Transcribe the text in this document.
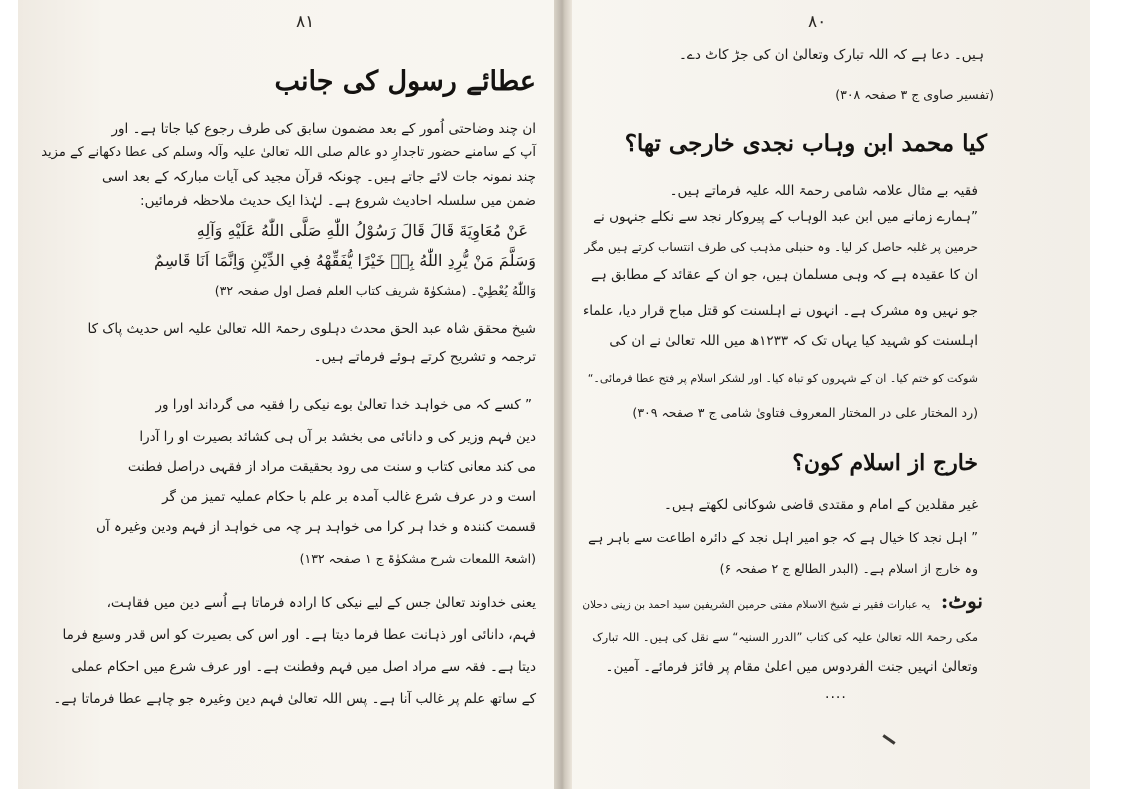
۸۱
عطائے رسول کی جانب
ان چند وضاحتی اُمور کے بعد مضمون سابق کی طرف رجوع کیا جاتا ہے۔ اور
آپ کے سامنے حضور تاجدارِ دو عالم صلی اللہ تعالیٰ علیہ وآلہ وسلم کی عطا دکھانے کے مزید
چند نمونہ جات لائے جاتے ہیں۔ چونکہ قرآن مجید کی آیات مبارکہ کے بعد اسی
ضمن میں سلسلہ احادیث شروع ہے۔ لہٰذا ایک حدیث ملاحظہ فرمائیں:
عَنْ مُعَاوِيَةَ قَالَ قَالَ رَسُوْلُ اللّٰهِ صَلَّى اللّٰهُ عَلَيْهِ وَآلِهِ
وَسَلَّمَ مَنْ يُّرِدِ اللّٰهُ بِهٖ خَيْرًا يُّفَقِّهْهُ فِي الدِّيْنِ وَاِنَّمَا اَنَا قَاسِمٌ
وَاللّٰهُ يُعْطِيْ۔ (مشکوٰۃ شریف کتاب العلم فصل اول صفحہ ۳۲)
شیخ محقق شاہ عبد الحق محدث دہلوی رحمۃ اللہ تعالیٰ علیہ اس حدیث پاک کا
ترجمہ و تشریح کرتے ہوئے فرماتے ہیں۔
” کسے کہ می خواہد خدا تعالیٰ بوے نیکی را فقیہ می گرداند اورا ور
دین فہم وزیر کی و دانائی می بخشد بر آں ہی کشائد بصیرت او را آدرا
می کند معانی کتاب و سنت می رود بحقیقت مراد از فقہی دراصل فطنت
است و در عرف شرع غالب آمدہ بر علم با حکام عملیہ تمیز من گر
قسمت کنندہ و خدا ہر کرا می خواہد ہر چہ می خواہد از فہم ودین وغیرہ آں
(اشعۃ اللمعات شرح مشکوٰۃ ج ۱ صفحہ ۱۳۲)
یعنی خداوند تعالیٰ جس کے لیے نیکی کا ارادہ فرماتا ہے اُسے دین میں فقاہت،
فہم، دانائی اور ذہانت عطا فرما دیتا ہے۔ اور اس کی بصیرت کو اس قدر وسیع فرما
دیتا ہے۔ فقہ سے مراد اصل میں فہم وفطنت ہے۔ اور عرف شرع میں احکام عملی
کے ساتھ علم پر غالب آنا ہے۔ پس اللہ تعالیٰ فہم دین وغیرہ جو چاہے عطا فرماتا ہے۔
۸۰
ہیں۔ دعا ہے کہ اللہ تبارک وتعالیٰ ان کی جڑ کاٹ دے۔
(تفسیر صاوی ج ۳ صفحہ ۳۰۸)
کیا محمد ابن وہاب نجدی خارجی تھا؟
فقیہ بے مثال علامہ شامی رحمۃ اللہ علیہ فرماتے ہیں۔
”ہمارے زمانے میں ابن عبد الوہاب کے پیروکار نجد سے نکلے جنہوں نے
حرمین پر غلبہ حاصل کر لیا۔ وہ حنبلی مذہب کی طرف انتساب کرتے ہیں مگر
ان کا عقیدہ ہے کہ وہی مسلمان ہیں، جو ان کے عقائد کے مطابق ہے
جو نہیں وہ مشرک ہے۔ انہوں نے اہلسنت کو قتل مباح قرار دیا، علماء
اہلسنت کو شہید کیا یہاں تک کہ ۱۲۳۳ھ میں اللہ تعالیٰ نے ان کی
شوکت کو ختم کیا۔ ان کے شہروں کو تباہ کیا۔ اور لشکر اسلام پر فتح عطا فرمائی۔“
(رد المختار علی در المختار المعروف فتاویٰ شامی ج ۳ صفحہ ۳۰۹)
خارج از اسلام کون؟
غیر مقلدین کے امام و مقتدی قاضی شوکانی لکھتے ہیں۔
” اہل نجد کا خیال ہے کہ جو امیر اہل نجد کے دائرہ اطاعت سے باہر ہے
وہ خارج از اسلام ہے۔ (البدر الطالع ج ۲ صفحہ ۶)
نوٹ:
یہ عبارات فقیر نے شیخ الاسلام مفتی حرمین الشریفین سید احمد بن زینی دحلان
مکی رحمۃ اللہ تعالیٰ علیہ کی کتاب ”الدرر السنیہ“ سے نقل کی ہیں۔ اللہ تبارک
وتعالیٰ انہیں جنت الفردوس میں اعلیٰ مقام پر فائز فرمائے۔ آمین۔
....
